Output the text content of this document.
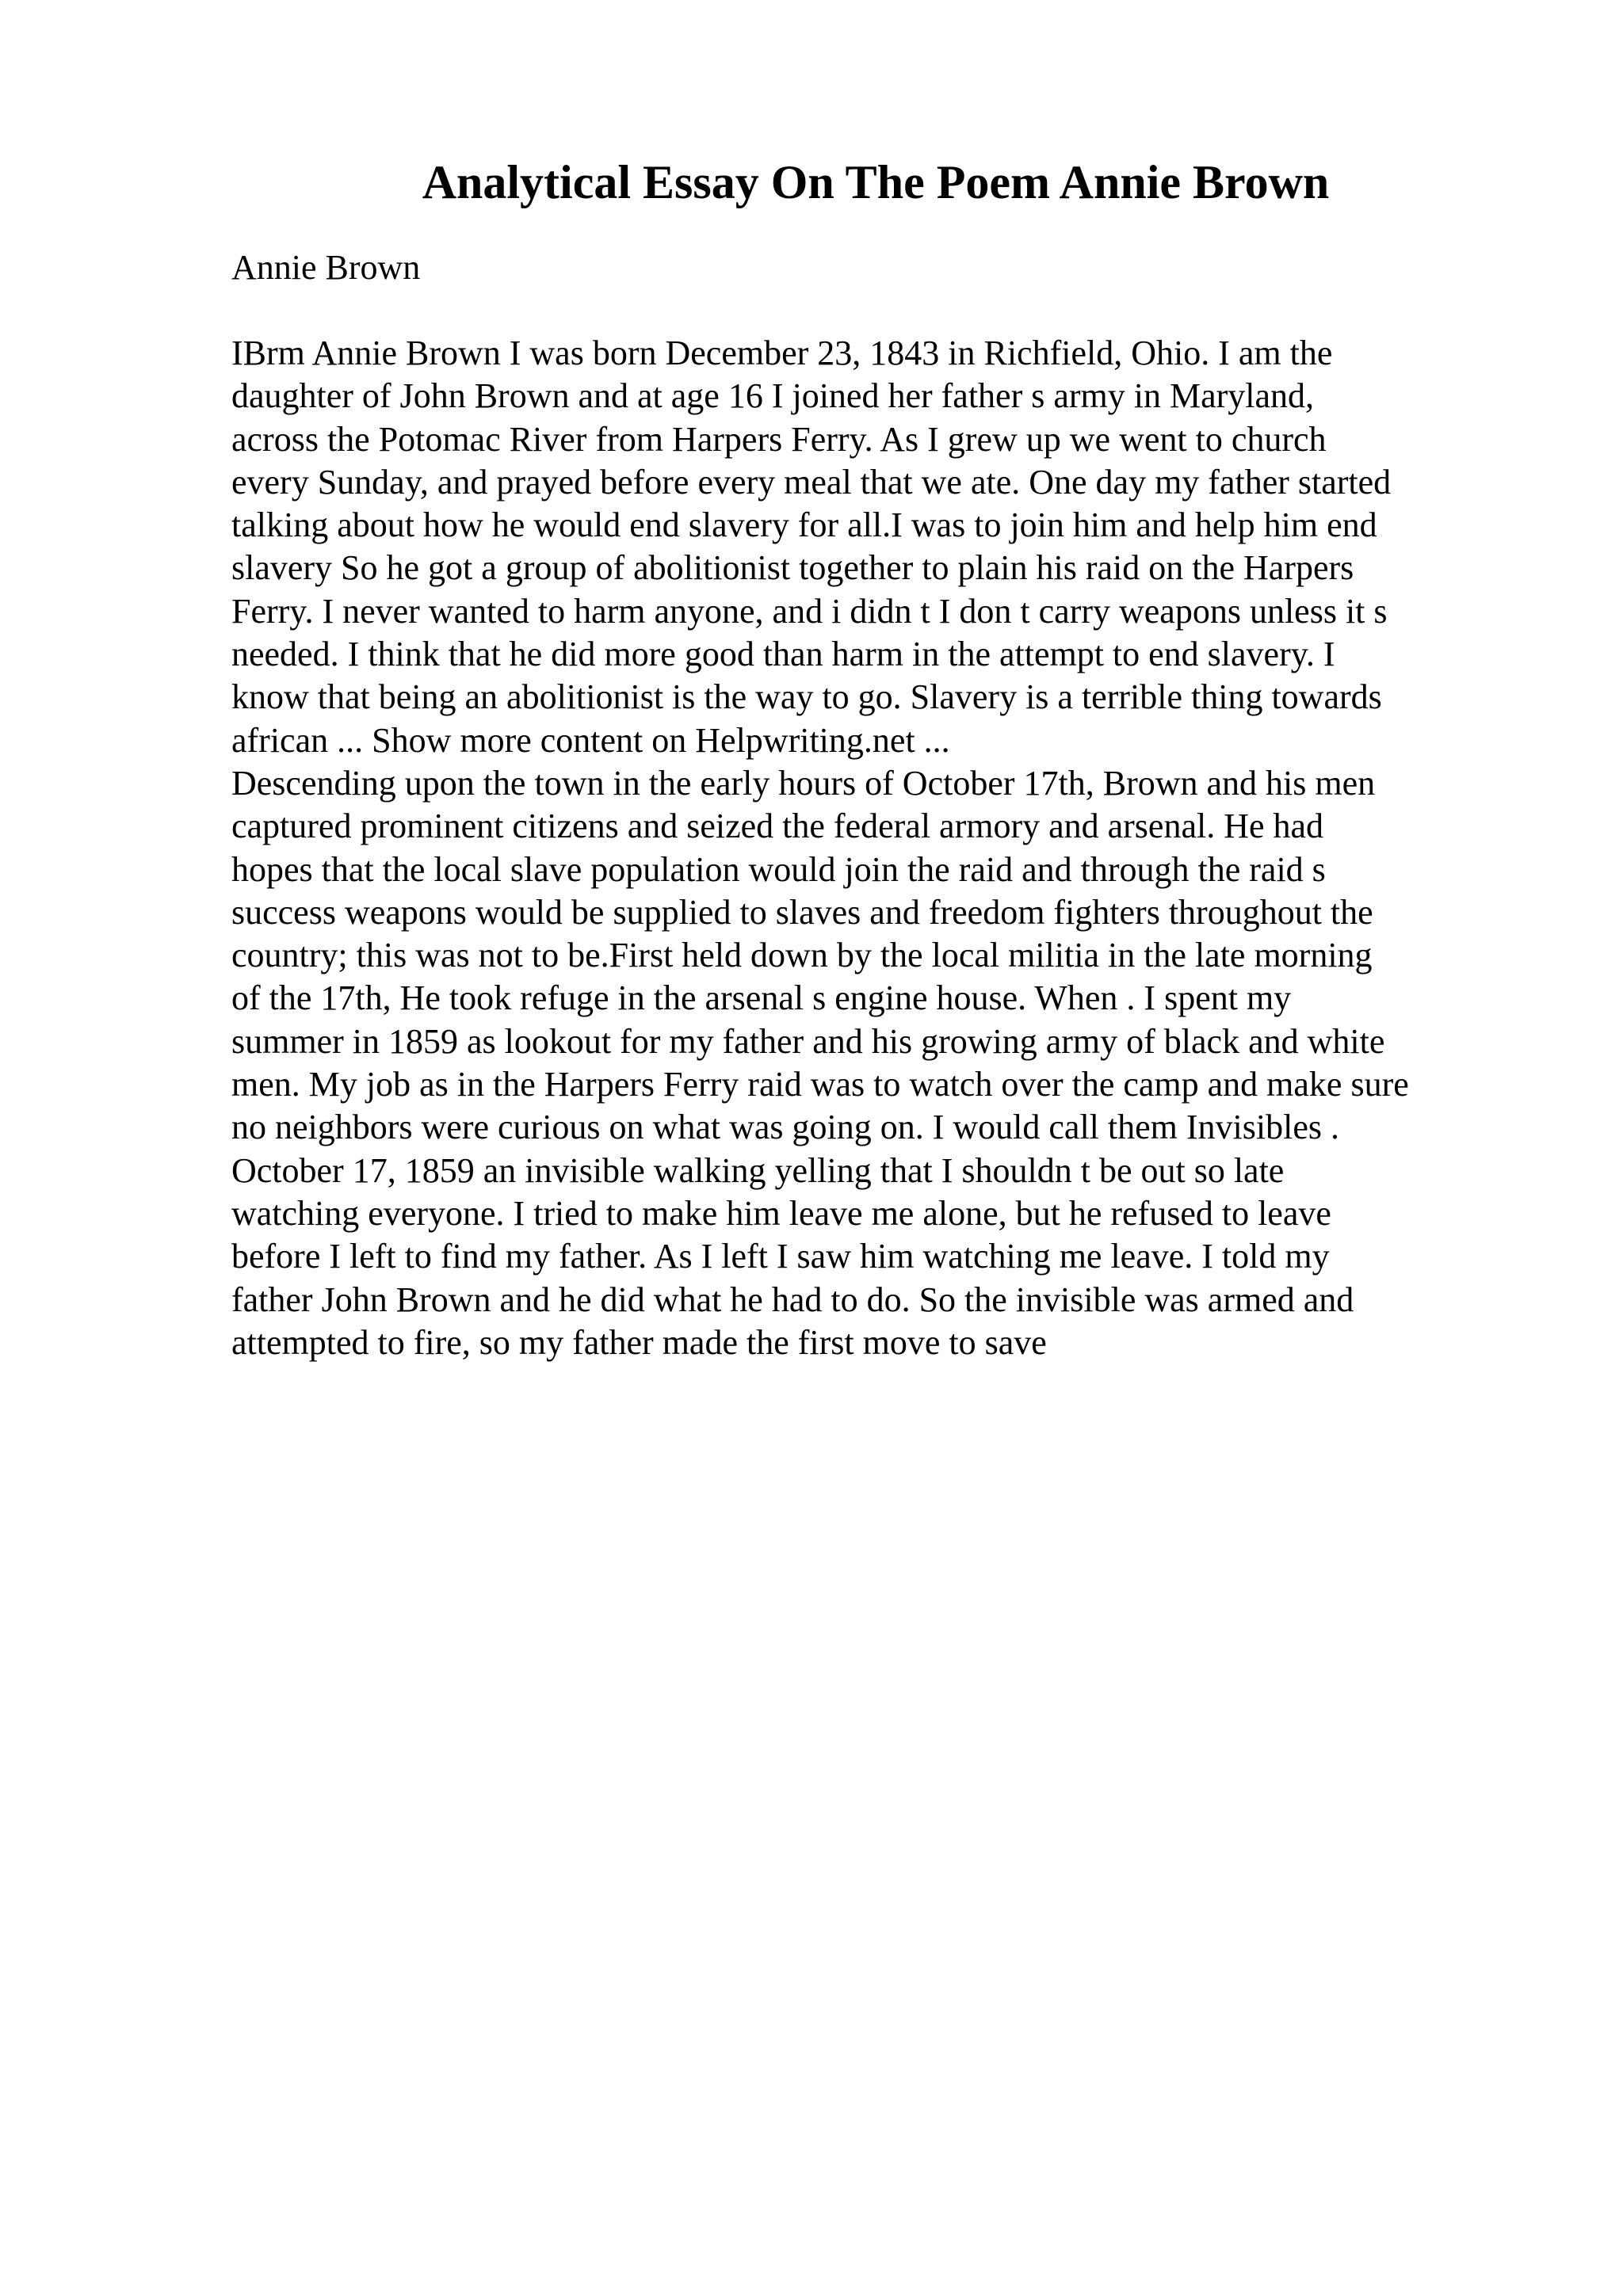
Analytical Essay On The Poem Annie Brown

Annie Brown

IBrm Annie Brown I was born December 23, 1843 in Richfield, Ohio. I am the
daughter of John Brown and at age 16 I joined her father s army in Maryland,
across the Potomac River from Harpers Ferry. As I grew up we went to church
every Sunday, and prayed before every meal that we ate. One day my father started
talking about how he would end slavery for all.I was to join him and help him end
slavery So he got a group of abolitionist together to plain his raid on the Harpers
Ferry. I never wanted to harm anyone, and i didn t I don t carry weapons unless it s
needed. I think that he did more good than harm in the attempt to end slavery. I
know that being an abolitionist is the way to go. Slavery is a terrible thing towards
african ... Show more content on Helpwriting.net ...
Descending upon the town in the early hours of October 17th, Brown and his men
captured prominent citizens and seized the federal armory and arsenal. He had
hopes that the local slave population would join the raid and through the raid s
success weapons would be supplied to slaves and freedom fighters throughout the
country; this was not to be.First held down by the local militia in the late morning
of the 17th, He took refuge in the arsenal s engine house. When . I spent my
summer in 1859 as lookout for my father and his growing army of black and white
men. My job as in the Harpers Ferry raid was to watch over the camp and make sure
no neighbors were curious on what was going on. I would call them Invisibles .
October 17, 1859 an invisible walking yelling that I shouldn t be out so late
watching everyone. I tried to make him leave me alone, but he refused to leave
before I left to find my father. As I left I saw him watching me leave. I told my
father John Brown and he did what he had to do. So the invisible was armed and
attempted to fire, so my father made the first move to save
